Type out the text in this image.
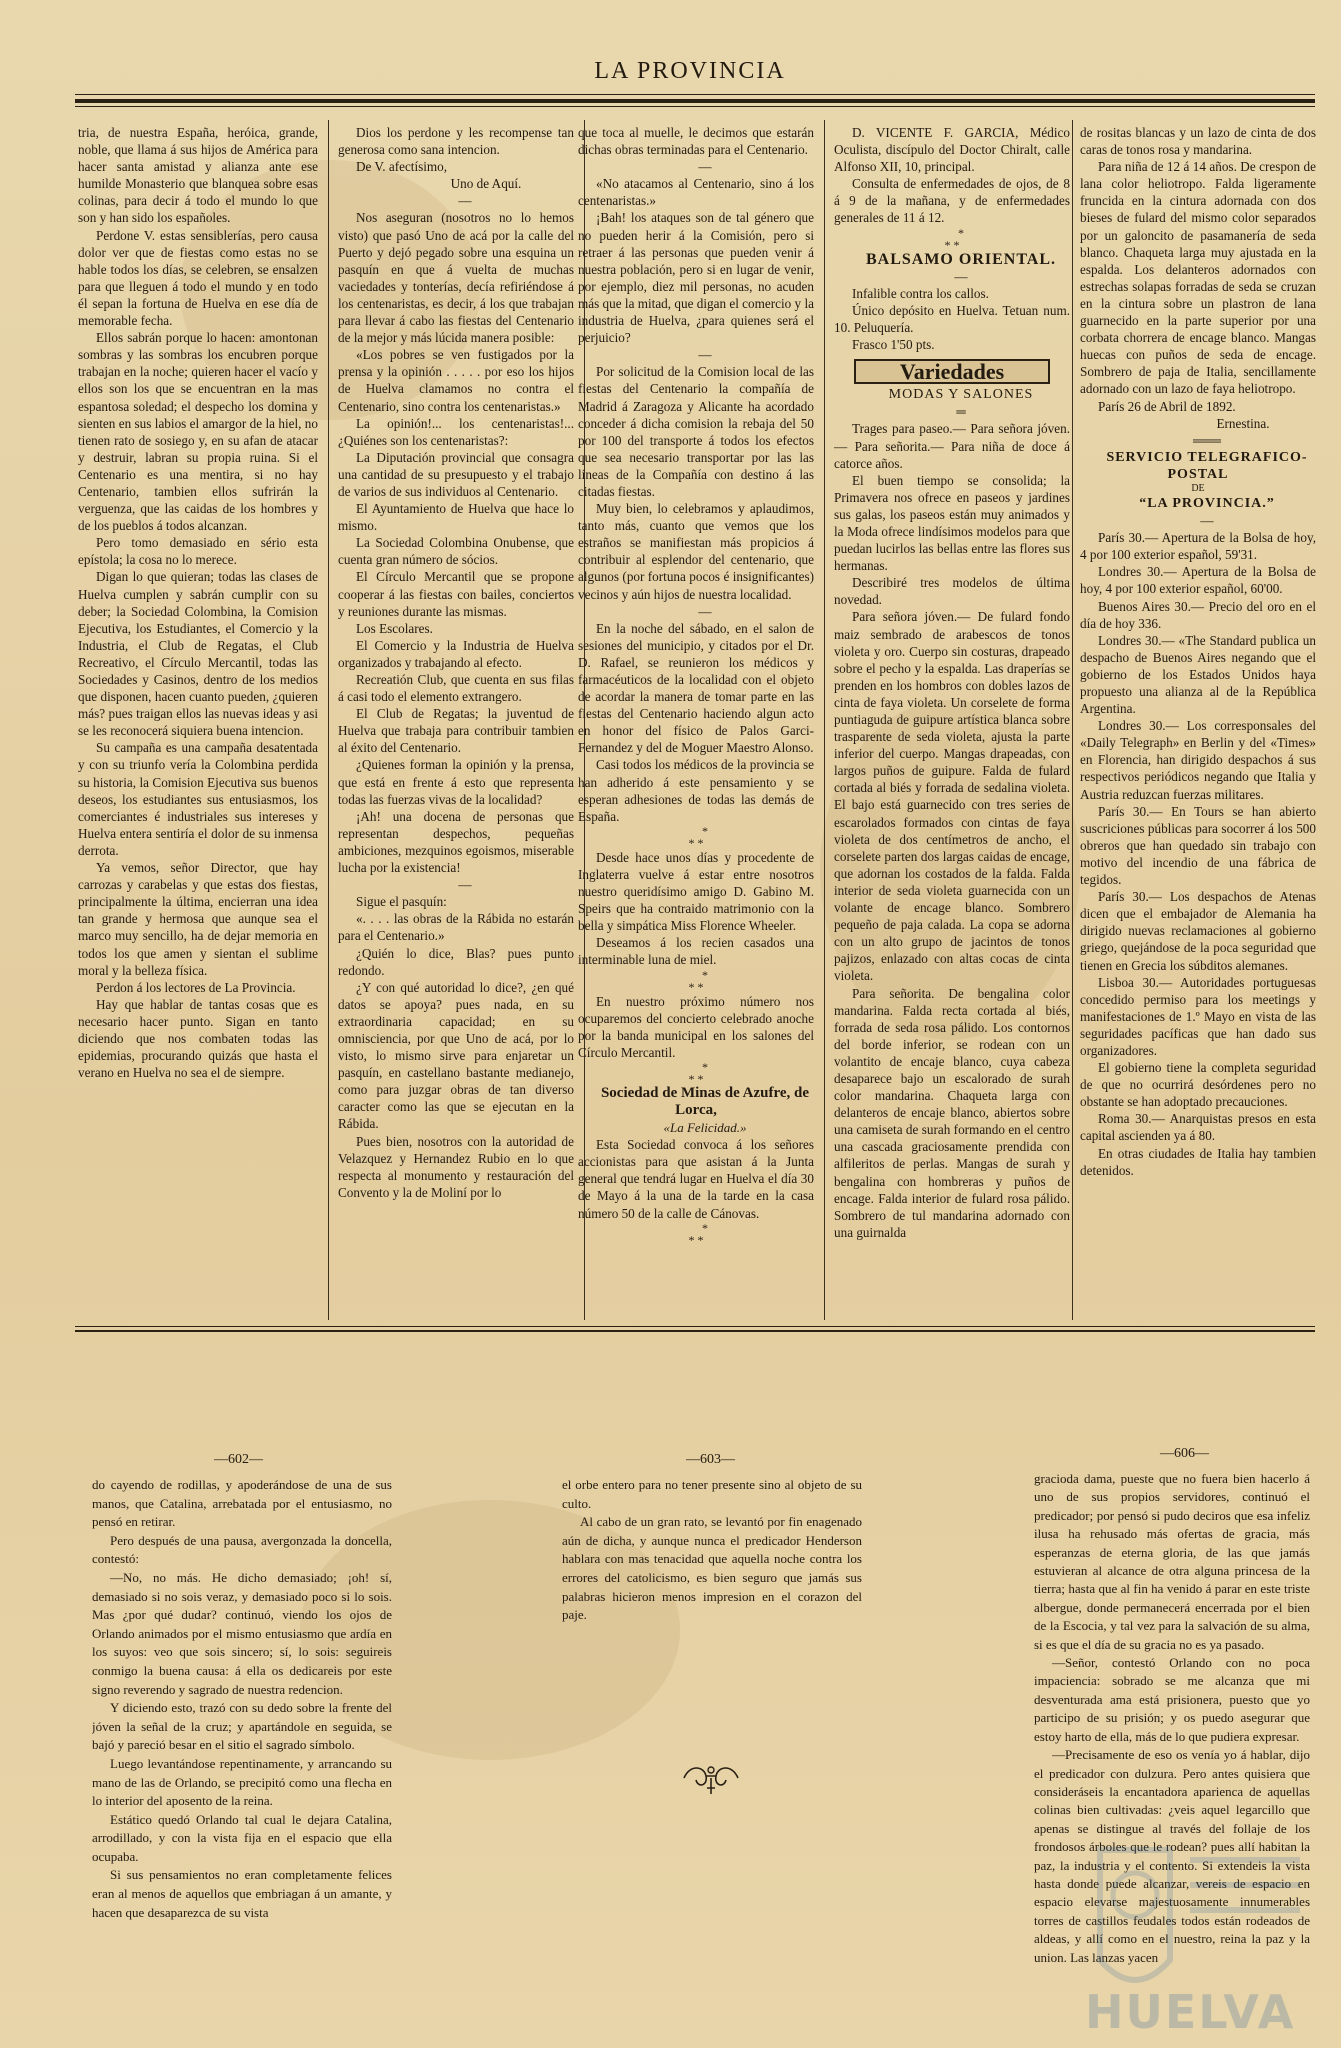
LA PROVINCIA

tria, de nuestra España, heróica, grande, noble, que llama á sus hijos de América para hacer santa amistad y alianza ante ese humilde Monasterio que blanquea sobre esas colinas, para decir á todo el mundo lo que son y han sido los españoles.

Perdone V. estas sensiblerías, pero causa dolor ver que de fiestas como estas no se hable todos los días, se celebren, se ensalzen para que lleguen á todo el mundo y en todo él sepan la fortuna de Huelva en ese día de memorable fecha.

Ellos sabrán porque lo hacen: amontonan sombras y las sombras los encubren porque trabajan en la noche; quieren hacer el vacío y ellos son los que se encuentran en la mas espantosa soledad; el despecho los domina y sienten en sus labios el amargor de la hiel, no tienen rato de sosiego y, en su afan de atacar y destruir, labran su propia ruina. Si el Centenario es una mentira, si no hay Centenario, tambien ellos sufrirán la verguenza, que las caidas de los hombres y de los pueblos á todos alcanzan.

Pero tomo demasiado en sério esta epístola; la cosa no lo merece.

Digan lo que quieran; todas las clases de Huelva cumplen y sabrán cumplir con su deber; la Sociedad Colombina, la Comision Ejecutiva, los Estudiantes, el Comercio y la Industria, el Club de Regatas, el Club Recreativo, el Círculo Mercantil, todas las Sociedades y Casinos, dentro de los medios que disponen, hacen cuanto pueden, ¿quieren más? pues traigan ellos las nuevas ideas y asi se les reconocerá siquiera buena intencion.

Su campaña es una campaña desatentada y con su triunfo vería la Colombina perdida su historia, la Comision Ejecutiva sus buenos deseos, los estudiantes sus entusiasmos, los comerciantes é industriales sus intereses y Huelva entera sentiría el dolor de su inmensa derrota.

Ya vemos, señor Director, que hay carrozas y carabelas y que estas dos fiestas, principalmente la última, encierran una idea tan grande y hermosa que aunque sea el marco muy sencillo, ha de dejar memoria en todos los que amen y sientan el sublime moral y la belleza física.

Perdon á los lectores de La Provincia.

Hay que hablar de tantas cosas que es necesario hacer punto. Sigan en tanto diciendo que nos combaten todas las epidemias, procurando quizás que hasta el verano en Huelva no sea el de siempre.

Dios los perdone y les recompense tan generosa como sana intencion.

De V. afectísimo,

Uno de Aquí.

—

Nos aseguran (nosotros no lo hemos visto) que pasó Uno de acá por la calle del Puerto y dejó pegado sobre una esquina un pasquín en que á vuelta de muchas vaciedades y tonterías, decía refiriéndose á los centenaristas, es decir, á los que trabajan para llevar á cabo las fiestas del Centenario de la mejor y más lúcida manera posible:

«Los pobres se ven fustigados por la prensa y la opinión . . . . . por eso los hijos de Huelva clamamos no contra el Centenario, sino contra los centenaristas.»

La opinión!... los centenaristas!... ¿Quiénes son los centenaristas?:

La Diputación provincial que consagra una cantidad de su presupuesto y el trabajo de varios de sus individuos al Centenario.

El Ayuntamiento de Huelva que hace lo mismo.

La Sociedad Colombina Onubense, que cuenta gran número de sócios.

El Círculo Mercantil que se propone cooperar á las fiestas con bailes, conciertos y reuniones durante las mismas.

Los Escolares.

El Comercio y la Industria de Huelva organizados y trabajando al efecto.

Recreatión Club, que cuenta en sus filas á casi todo el elemento extrangero.

El Club de Regatas; la juventud de Huelva que trabaja para contribuir tambien al éxito del Centenario.

¿Quienes forman la opinión y la prensa, que está en frente á esto que representa todas las fuerzas vivas de la localidad?

¡Ah! una docena de personas que representan despechos, pequeñas ambiciones, mezquinos egoismos, miserable lucha por la existencia!

—

Sigue el pasquín:

«. . . . las obras de la Rábida no estarán para el Centenario.»

¿Quién lo dice, Blas? pues punto redondo.

¿Y con qué autoridad lo dice?, ¿en qué datos se apoya? pues nada, en su extraordinaria capacidad; en su omnisciencia, por que Uno de acá, por lo visto, lo mismo sirve para enjaretar un pasquín, en castellano bastante medianejo, como para juzgar obras de tan diverso caracter como las que se ejecutan en la Rábida.

Pues bien, nosotros con la autoridad de Velazquez y Hernandez Rubio en lo que respecta al monumento y restauración del Convento y la de Moliní por lo

que toca al muelle, le decimos que estarán dichas obras terminadas para el Centenario.

—

«No atacamos al Centenario, sino á los centenaristas.»

¡Bah! los ataques son de tal género que no pueden herir á la Comisión, pero si retraer á las personas que pueden venir á nuestra población, pero si en lugar de venir, por ejemplo, diez mil personas, no acuden más que la mitad, que digan el comercio y la industria de Huelva, ¿para quienes será el perjuicio?

—

Por solicitud de la Comision local de las fiestas del Centenario la compañía de Madrid á Zaragoza y Alicante ha acordado conceder á dicha comision la rebaja del 50 por 100 del transporte á todos los efectos que sea necesario transportar por las las líneas de la Compañía con destino á las citadas fiestas.

Muy bien, lo celebramos y aplaudimos, tanto más, cuanto que vemos que los estraños se manifiestan más propicios á contribuir al esplendor del centenario, que algunos (por fortuna pocos é insignificantes) vecinos y aún hijos de nuestra localidad.

—

En la noche del sábado, en el salon de sesiones del municipio, y citados por el Dr. D. Rafael, se reunieron los médicos y farmacéuticos de la localidad con el objeto de acordar la manera de tomar parte en las fiestas del Centenario haciendo algun acto en honor del físico de Palos Garci-Fernandez y del de Moguer Maestro Alonso.

Casi todos los médicos de la provincia se han adherido á este pensamiento y se esperan adhesiones de todas las demás de España.

*
* *

Desde hace unos días y procedente de Inglaterra vuelve á estar entre nosotros nuestro queridísimo amigo D. Gabino M. Speirs que ha contraido matrimonio con la bella y simpática Miss Florence Wheeler.

Deseamos á los recien casados una interminable luna de miel.

*
* *

En nuestro próximo número nos ocuparemos del concierto celebrado anoche por la banda municipal en los salones del Círculo Mercantil.

*
* *

Sociedad de Minas de Azufre, de Lorca,

«La Felicidad.»

Esta Sociedad convoca á los señores accionistas para que asistan á la Junta general que tendrá lugar en Huelva el día 30 de Mayo á la una de la tarde en la casa número 50 de la calle de Cánovas.

*
* *

D. VICENTE F. GARCIA, Médico Oculista, discípulo del Doctor Chiralt, calle Alfonso XII, 10, principal.

Consulta de enfermedades de ojos, de 8 á 9 de la mañana, y de enfermedades generales de 11 á 12.

*
* *

BALSAMO ORIENTAL.

—

Infalible contra los callos.

Único depósito en Huelva. Tetuan num. 10. Peluquería.

Frasco 1'50 pts.

Variedades

MODAS Y SALONES

═

Trages para paseo.— Para señora jóven.— Para señorita.— Para niña de doce á catorce años.

El buen tiempo se consolida; la Primavera nos ofrece en paseos y jardines sus galas, los paseos están muy animados y la Moda ofrece lindísimos modelos para que puedan lucirlos las bellas entre las flores sus hermanas.

Describiré tres modelos de última novedad.

Para señora jóven.— De fulard fondo maiz sembrado de arabescos de tonos violeta y oro. Cuerpo sin costuras, drapeado sobre el pecho y la espalda. Las draperías se prenden en los hombros con dobles lazos de cinta de faya violeta. Un corselete de forma puntiaguda de guipure artística blanca sobre trasparente de seda violeta, ajusta la parte inferior del cuerpo. Mangas drapeadas, con largos puños de guipure. Falda de fulard cortada al biés y forrada de sedalina violeta. El bajo está guarnecido con tres series de escarolados formados con cintas de faya violeta de dos centímetros de ancho, el corselete parten dos largas caidas de encage, que adornan los costados de la falda. Falda interior de seda violeta guarnecida con un volante de encage blanco. Sombrero pequeño de paja calada. La copa se adorna con un alto grupo de jacintos de tonos pajizos, enlazado con altas cocas de cinta violeta.

Para señorita. De bengalina color mandarina. Falda recta cortada al biés, forrada de seda rosa pálido. Los contornos del borde inferior, se rodean con un volantito de encaje blanco, cuya cabeza desaparece bajo un escalorado de surah color mandarina. Chaqueta larga con delanteros de encaje blanco, abiertos sobre una camiseta de surah formando en el centro una cascada graciosamente prendida con alfileritos de perlas. Mangas de surah y bengalina con hombreras y puños de encage. Falda interior de fulard rosa pálido. Sombrero de tul mandarina adornado con una guirnalda

de rositas blancas y un lazo de cinta de dos caras de tonos rosa y mandarina.

Para niña de 12 á 14 años. De crespon de lana color heliotropo. Falda ligeramente fruncida en la cintura adornada con dos bieses de fulard del mismo color separados por un galoncito de pasamanería de seda blanco. Chaqueta larga muy ajustada en la espalda. Los delanteros adornados con estrechas solapas forradas de seda se cruzan en la cintura sobre un plastron de lana guarnecido en la parte superior por una corbata chorrera de encage blanco. Mangas huecas con puños de seda de encage. Sombrero de paja de Italia, sencillamente adornado con un lazo de faya heliotropo.

París 26 de Abril de 1892.

Ernestina.

═══

SERVICIO TELEGRAFICO-POSTAL

DE

“LA PROVINCIA.”

—

París 30.— Apertura de la Bolsa de hoy, 4 por 100 exterior español, 59'31.

Londres 30.— Apertura de la Bolsa de hoy, 4 por 100 exterior español, 60'00.

Buenos Aires 30.— Precio del oro en el día de hoy 336.

Londres 30.— «The Standard publica un despacho de Buenos Aires negando que el gobierno de los Estados Unidos haya propuesto una alianza al de la República Argentina.

Londres 30.— Los corresponsales del «Daily Telegraph» en Berlin y del «Times» en Florencia, han dirigido despachos á sus respectivos periódicos negando que Italia y Austria reduzcan fuerzas militares.

París 30.— En Tours se han abierto suscriciones públicas para socorrer á los 500 obreros que han quedado sin trabajo con motivo del incendio de una fábrica de tegidos.

París 30.— Los despachos de Atenas dicen que el embajador de Alemania ha dirigido nuevas reclamaciones al gobierno griego, quejándose de la poca seguridad que tienen en Grecia los súbditos alemanes.

Lisboa 30.— Autoridades portuguesas concedido permiso para los meetings y manifestaciones de 1.º Mayo en vista de las seguridades pacíficas que han dado sus organizadores.

El gobierno tiene la completa seguridad de que no ocurrirá desórdenes pero no obstante se han adoptado precauciones.

Roma 30.— Anarquistas presos en esta capital ascienden ya á 80.

En otras ciudades de Italia hay tambien detenidos.

—602—	—603—	—606—

do cayendo de rodillas, y apoderándose de una de sus manos, que Catalina, arrebatada por el entusiasmo, no pensó en retirar.

Pero después de una pausa, avergonzada la doncella, contestó:

—No, no más. He dicho demasiado; ¡oh! sí, demasiado si no sois veraz, y demasiado poco si lo sois. Mas ¿por qué dudar? continuó, viendo los ojos de Orlando animados por el mismo entusiasmo que ardía en los suyos: veo que sois sincero; sí, lo sois: seguireis conmigo la buena causa: á ella os dedicareis por este signo reverendo y sagrado de nuestra redencion.

Y diciendo esto, trazó con su dedo sobre la frente del jóven la señal de la cruz; y apartándole en seguida, se bajó y pareció besar en el sitio el sagrado símbolo.

Luego levantándose repentinamente, y arrancando su mano de las de Orlando, se precipitó como una flecha en lo interior del aposento de la reina.

Estático quedó Orlando tal cual le dejara Catalina, arrodillado, y con la vista fija en el espacio que ella ocupaba.

Si sus pensamientos no eran completamente felices eran al menos de aquellos que embriagan á un amante, y hacen que desaparezca de su vista

el orbe entero para no tener presente sino al objeto de su culto.

Al cabo de un gran rato, se levantó por fin enagenado aún de dicha, y aunque nunca el predicador Henderson hablara con mas tenacidad que aquella noche contra los errores del catolicismo, es bien seguro que jamás sus palabras hicieron menos impresion en el corazon del paje.

gracioda dama, pueste que no fuera bien hacerlo á uno de sus propios servidores, continuó el predicador; por pensó si pudo deciros que esa infeliz ilusa ha rehusado más ofertas de gracia, más esperanzas de eterna gloria, de las que jamás estuvieran al alcance de otra alguna princesa de la tierra; hasta que al fin ha venido á parar en este triste albergue, donde permanecerá encerrada por el bien de la Escocia, y tal vez para la salvación de su alma, si es que el día de su gracia no es ya pasado.

—Señor, contestó Orlando con no poca impaciencia: sobrado se me alcanza que mi desventurada ama está prisionera, puesto que yo participo de su prisión; y os puedo asegurar que estoy harto de ella, más de lo que pudiera expresar.

—Precisamente de eso os venía yo á hablar, dijo el predicador con dulzura. Pero antes quisiera que consideráseis la encantadora aparienca de aquellas colinas bien cultivadas: ¿veis aquel legarcillo que apenas se distingue al través del follaje de los frondosos árboles que le rodean? pues allí habitan la paz, la industria y el contento. Si extendeis la vista hasta donde puede alcanzar, vereis de espacio en espacio elevarse majestuosamente innumerables torres de castillos feudales todos están rodeados de aldeas, y allí como en el nuestro, reina la paz y la union. Las lanzas yacen

HUELVA
